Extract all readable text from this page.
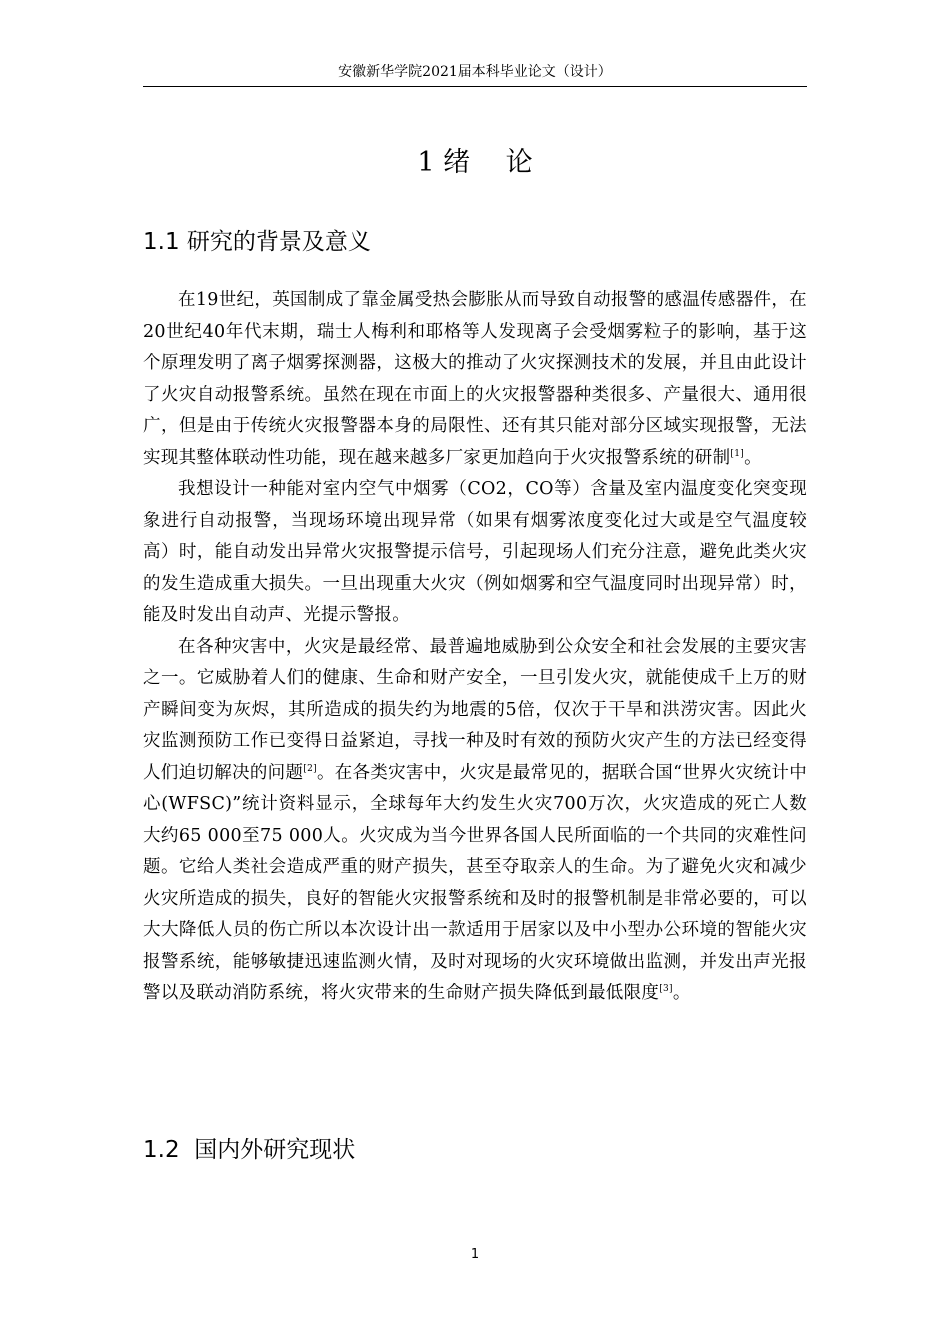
安徽新华学院2021届本科毕业论文（设计）
1 绪　 论
1.1 研究的背景及意义

在19世纪，英国制成了靠金属受热会膨胀从而导致自动报警的感温传感器件，在20世纪40年代末期，瑞士人梅利和耶格等人发现离子会受烟雾粒子的影响，基于这个原理发明了离子烟雾探测器，这极大的推动了火灾探测技术的发展，并且由此设计了火灾自动报警系统。虽然在现在市面上的火灾报警器种类很多、产量很大、通用很广，但是由于传统火灾报警器本身的局限性、还有其只能对部分区域实现报警，无法实现其整体联动性功能，现在越来越多厂家更加趋向于火灾报警系统的研制[1]。

我想设计一种能对室内空气中烟雾（CO2，CO等）含量及室内温度变化突变现象进行自动报警，当现场环境出现异常（如果有烟雾浓度变化过大或是空气温度较高）时，能自动发出异常火灾报警提示信号，引起现场人们充分注意，避免此类火灾的发生造成重大损失。一旦出现重大火灾（例如烟雾和空气温度同时出现异常）时，能及时发出自动声、光提示警报。

在各种灾害中，火灾是最经常、最普遍地威胁到公众安全和社会发展的主要灾害之一。它威胁着人们的健康、生命和财产安全，一旦引发火灾，就能使成千上万的财产瞬间变为灰烬，其所造成的损失约为地震的5倍，仅次于干旱和洪涝灾害。因此火灾监测预防工作已变得日益紧迫，寻找一种及时有效的预防火灾产生的方法已经变得人们迫切解决的问题[2]。在各类灾害中，火灾是最常见的，据联合国“世界火灾统计中心(WFSC)”统计资料显示，全球每年大约发生火灾700万次，火灾造成的死亡人数大约65 000至75 000人。火灾成为当今世界各国人民所面临的一个共同的灾难性问题。它给人类社会造成严重的财产损失，甚至夺取亲人的生命。为了避免火灾和减少火灾所造成的损失，良好的智能火灾报警系统和及时的报警机制是非常必要的，可以大大降低人员的伤亡所以本次设计出一款适用于居家以及中小型办公环境的智能火灾报警系统，能够敏捷迅速监测火情，及时对现场的火灾环境做出监测，并发出声光报警以及联动消防系统，将火灾带来的生命财产损失降低到最低限度[3]。

1.2  国内外研究现状
1
